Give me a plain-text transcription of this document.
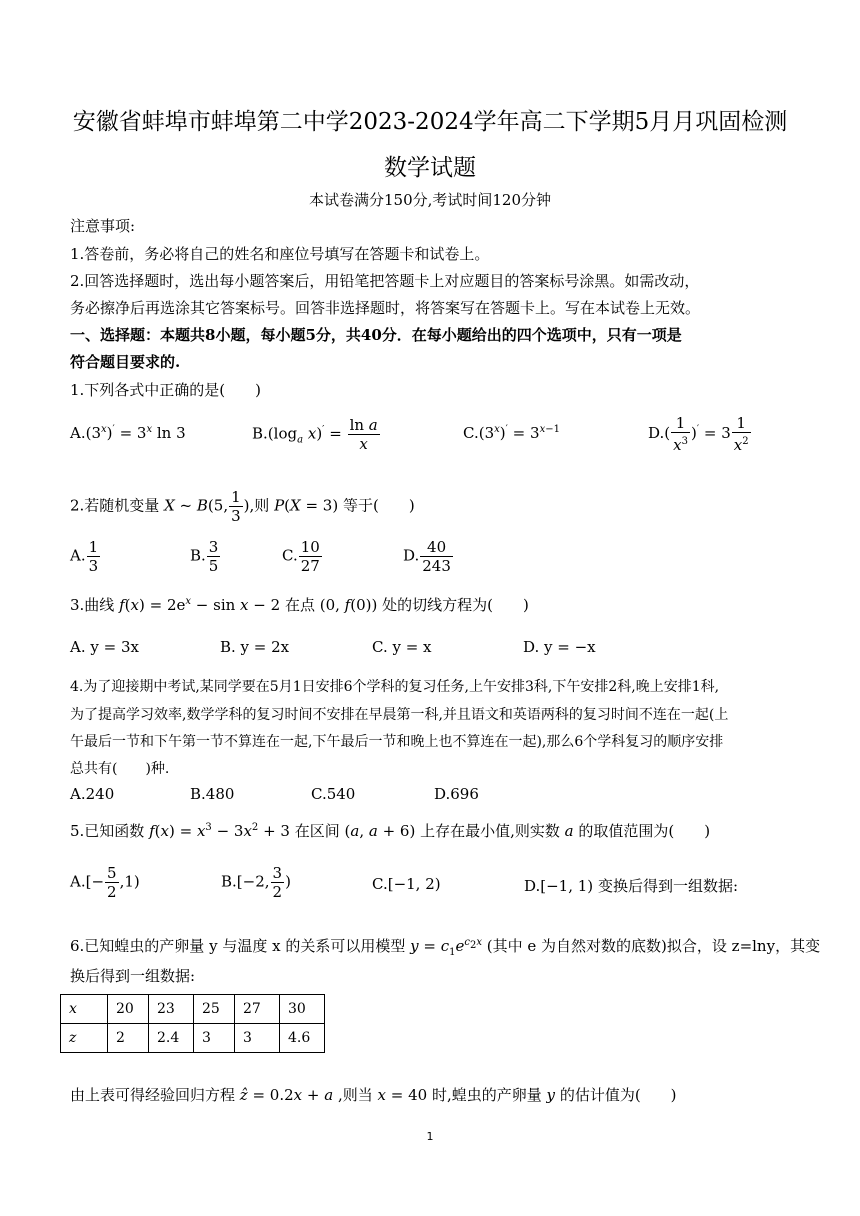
安徽省蚌埠市蚌埠第二中学2023-2024学年高二下学期5月月巩固检测
数学试题
本试卷满分150分,考试时间120分钟
注意事项:
1.答卷前，务必将自己的姓名和座位号填写在答题卡和试卷上。
2.回答选择题时，选出每小题答案后，用铅笔把答题卡上对应题目的答案标号涂黑。如需改动，
务必擦净后再选涂其它答案标号。回答非选择题时，将答案写在答题卡上。写在本试卷上无效。
一、选择题：本题共8小题，每小题5分，共40分．在每小题给出的四个选项中，只有一项是
符合题目要求的.
1.下列各式中正确的是(　　)
$A.(3^x)' = 3^x$ ln 3	$B.(\log_a$ $x)' = \frac{\text{ln a}}{x}$	$C.(3^x)' = 3^{x-1}$	$D.( \frac{1}{x^3} )' = 3 \frac{1}{x^2}$
2.若随机变量 X ~ B(5, $\frac{1}{3}$ ),则 P(X = 3) 等于(　　)
A. $\frac{1}{3}$	B. $\frac{3}{5}$	C. $\frac{10}{27}$	D. $\frac{40}{243}$
3.曲线 $f(x) = 2e^x - \sin x - 2$ 在点 (0, f(0)) 处的切线方程为(　　)
A. y = 3x	B. y = 2x	C. y = x	D. y = −x
4.为了迎接期中考试,某同学要在5月1日安排6个学科的复习任务,上午安排3科,下午安排2科,晚上安排1科,
为了提高学习效率,数学学科的复习时间不安排在早晨第一科,并且语文和英语两科的复习时间不连在一起(上
午最后一节和下午第一节不算连在一起,下午最后一节和晚上也不算连在一起),那么6个学科复习的顺序安排
总共有(　　)种.
A.240	B.480	C.540	D.696
5.已知函数 $f(x) = x^3 - 3x^2 + 3$ 在区间 (a, a + 6) 上存在最小值,则实数 a 的取值范围为(　　)
$A.[- \frac{5}{2} ,1)$	B.[−2, $\frac{3}{2}$ )	C.[−1, 2)	D.[−1, 1) 变换后得到一组数据:
6.已知蝗虫的产卵量 y 与温度 x 的关系可以用模型 $y = c_1e^{c_2x}$ (其中 e 为自然对数的底数)拟合，设 z=lny，其变
换后得到一组数据:
x	20	23	25	27	30
z	2	2.4	3	3	4.6
由上表可得经验回归方程 ẑ = 0.2x + a ,则当 x = 40 时,蝗虫的产卵量 y 的估计值为(　　)
1
